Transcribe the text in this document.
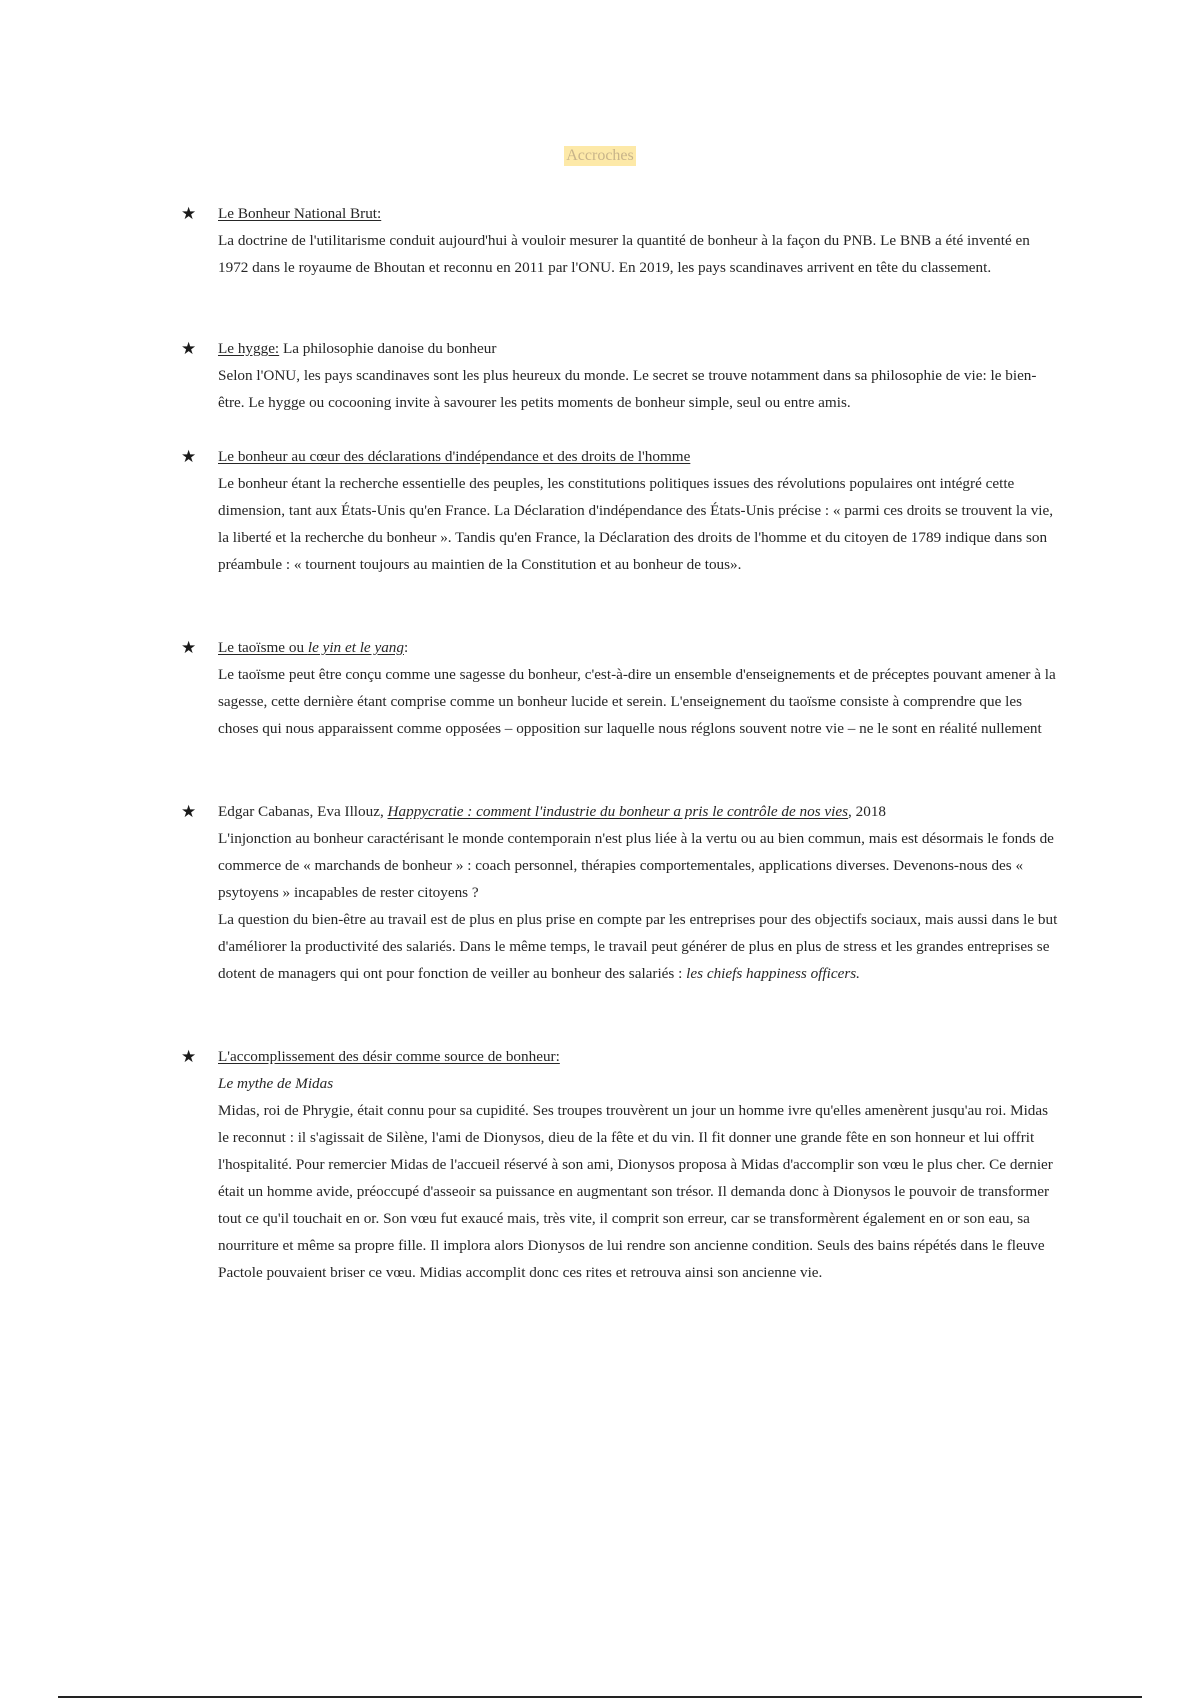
Accroches
★ Le Bonheur National Brut:

La doctrine de l'utilitarisme conduit aujourd'hui à vouloir mesurer la quantité de bonheur à la façon du PNB. Le BNB a été inventé en 1972 dans le royaume de Bhoutan et reconnu en 2011 par l'ONU. En 2019, les pays scandinaves arrivent en tête du classement.

★ Le hygge: La philosophie danoise du bonheur

Selon l'ONU, les pays scandinaves sont les plus heureux du monde. Le secret se trouve notamment dans sa philosophie de vie: le bien-être. Le hygge ou cocooning invite à savourer les petits moments de bonheur simple, seul ou entre amis.

★ Le bonheur au cœur des déclarations d'indépendance et des droits de l'homme

Le bonheur étant la recherche essentielle des peuples, les constitutions politiques issues des révolutions populaires ont intégré cette dimension, tant aux États-Unis qu'en France. La Déclaration d'indépendance des États-Unis précise : « parmi ces droits se trouvent la vie, la liberté et la recherche du bonheur ». Tandis qu'en France, la Déclaration des droits de l'homme et du citoyen de 1789 indique dans son préambule : « tournent toujours au maintien de la Constitution et au bonheur de tous».

★ Le taoïsme ou le yin et le yang:

Le taoïsme peut être conçu comme une sagesse du bonheur, c'est-à-dire un ensemble d'enseignements et de préceptes pouvant amener à la sagesse, cette dernière étant comprise comme un bonheur lucide et serein. L'enseignement du taoïsme consiste à comprendre que les choses qui nous apparaissent comme opposées – opposition sur laquelle nous réglons souvent notre vie – ne le sont en réalité nullement

★ Edgar Cabanas, Eva Illouz, Happycratie : comment l'industrie du bonheur a pris le contrôle de nos vies, 2018

L'injonction au bonheur caractérisant le monde contemporain n'est plus liée à la vertu ou au bien commun, mais est désormais le fonds de commerce de « marchands de bonheur » : coach personnel, thérapies comportementales, applications diverses. Devenons-nous des « psytoyens » incapables de rester citoyens ?

La question du bien-être au travail est de plus en plus prise en compte par les entreprises pour des objectifs sociaux, mais aussi dans le but d'améliorer la productivité des salariés. Dans le même temps, le travail peut générer de plus en plus de stress et les grandes entreprises se dotent de managers qui ont pour fonction de veiller au bonheur des salariés : les chiefs happiness officers.

★ L'accomplissement des désir comme source de bonheur:

Le mythe de Midas

Midas, roi de Phrygie, était connu pour sa cupidité. Ses troupes trouvèrent un jour un homme ivre qu'elles amenèrent jusqu'au roi. Midas le reconnut : il s'agissait de Silène, l'ami de Dionysos, dieu de la fête et du vin. Il fit donner une grande fête en son honneur et lui offrit l'hospitalité. Pour remercier Midas de l'accueil réservé à son ami, Dionysos proposa à Midas d'accomplir son vœu le plus cher. Ce dernier était un homme avide, préoccupé d'asseoir sa puissance en augmentant son trésor. Il demanda donc à Dionysos le pouvoir de transformer tout ce qu'il touchait en or. Son vœu fut exaucé mais, très vite, il comprit son erreur, car se transformèrent également en or son eau, sa nourriture et même sa propre fille. Il implora alors Dionysos de lui rendre son ancienne condition. Seuls des bains répétés dans le fleuve Pactole pouvaient briser ce vœu. Midias accomplit donc ces rites et retrouva ainsi son ancienne vie.
